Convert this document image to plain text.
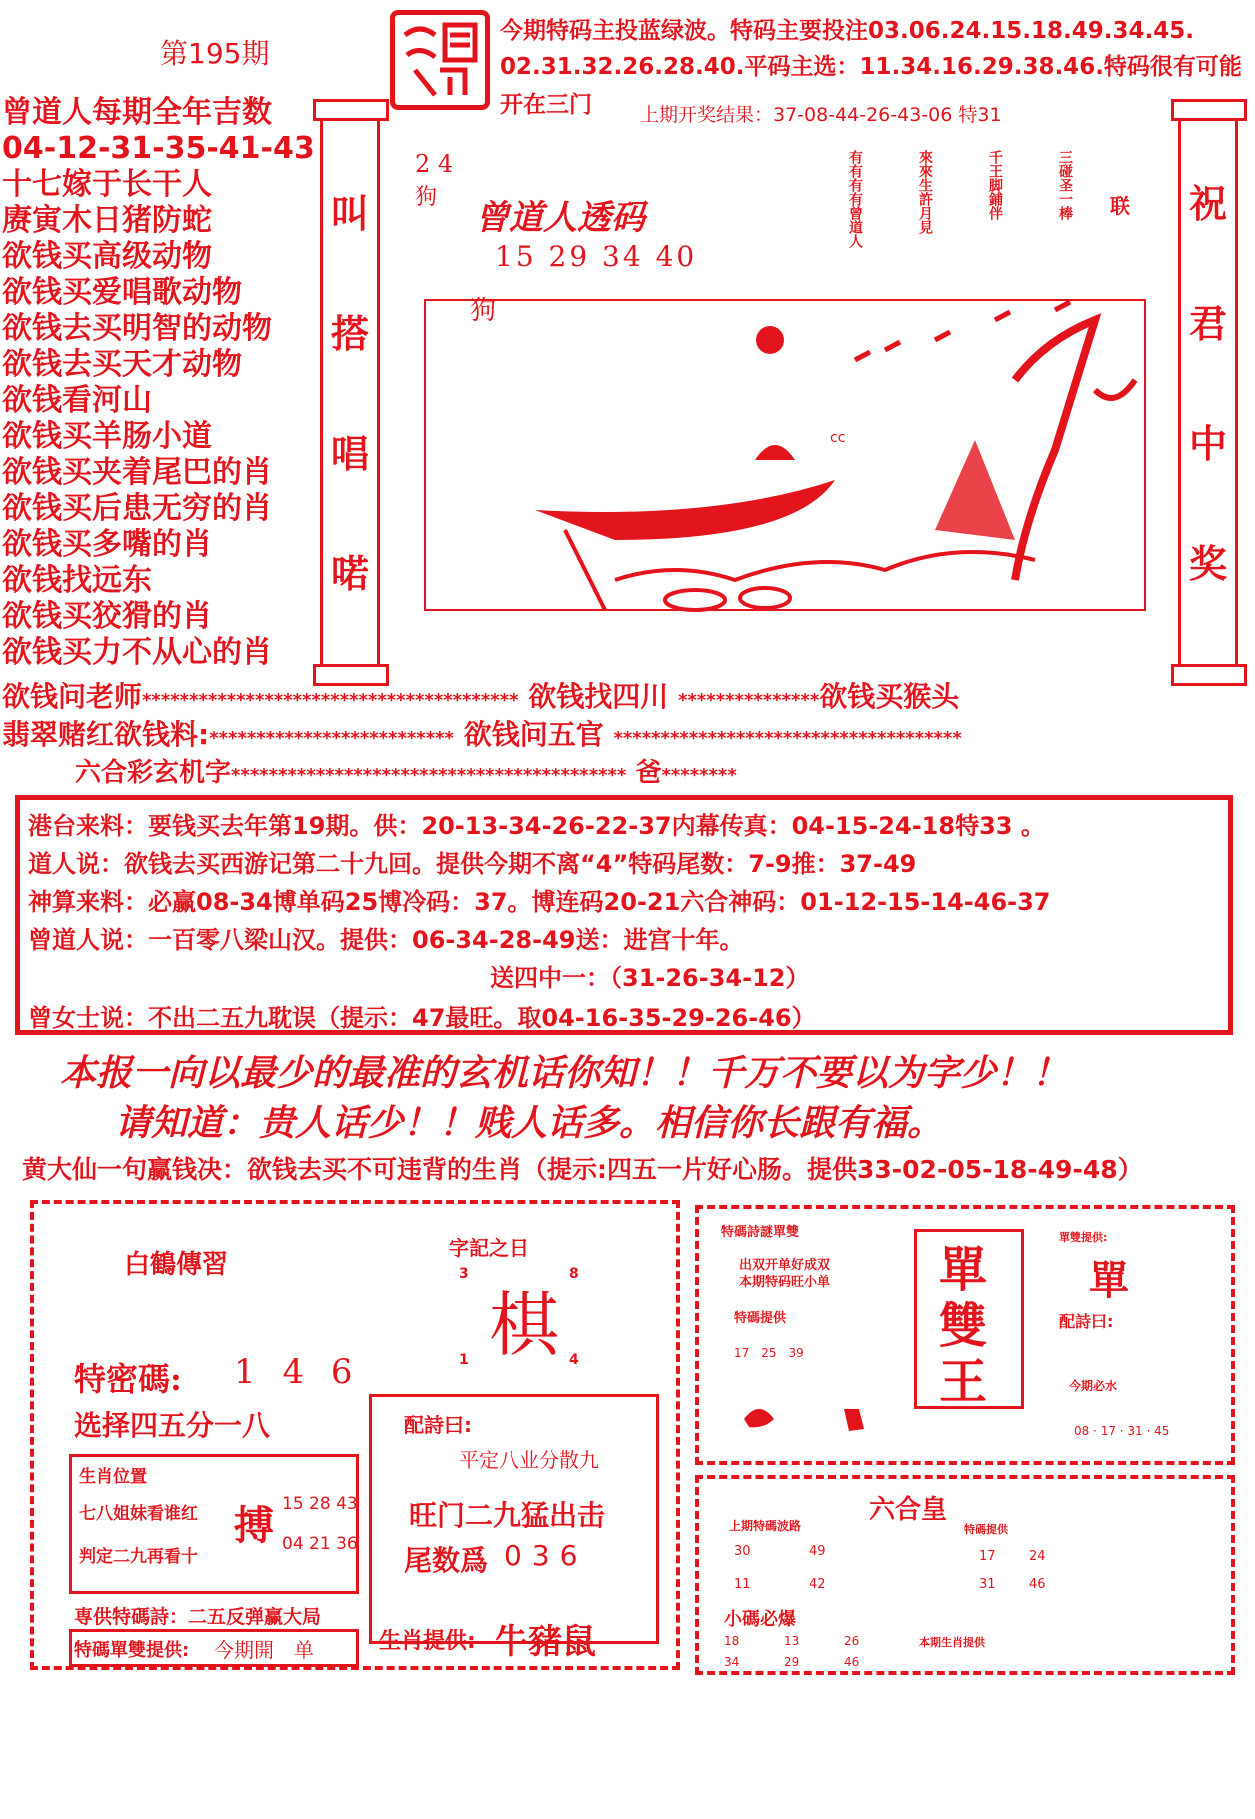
第195期
今期特码主投蓝绿波。特码主要投注03.06.24.15.18.49.34.45.
02.31.32.26.28.40.平码主选：11.34.16.29.38.46.特码很有可能
开在三门	上期开奖结果：37-08-44-26-43-06 特31
曾道人每期全年吉数
04-12-31-35-41-43
十七嫁于长干人
赓寅木日猪防蛇
欲钱买高级动物
欲钱买爱唱歌动物
欲钱去买明智的动物
欲钱去买天才动物
欲钱看河山
欲钱买羊肠小道
欲钱买夹着尾巴的肖
欲钱买后患无穷的肖
欲钱买多嘴的肖
欲钱找远东
欲钱买狡猾的肖
欲钱买力不从心的肖
叫
搭
唱
喏
祝
君
中
奖
2 4
狗
曾道人透码
15 29 34 40
狗
cc
有有有有曾道人	來來生許月見	千王脚鋪伴	三碰圣一棒 联
欲钱问老师**************************************** 欲钱找四川 ***************欲钱买猴头
翡翠赌红欲钱料:************************** 欲钱问五官 *************************************
六合彩玄机字****************************************** 爸********
港台来料：要钱买去年第19期。供：20-13-34-26-22-37内幕传真：04-15-24-18特33 。
道人说：欲钱去买西游记第二十九回。提供今期不离“4”特码尾数：7-9推：37-49
神算来料：必赢08-34博单码25博冷码：37。博连码20-21六合神码：01-12-15-14-46-37
曾道人说：一百零八梁山汉。提供：06-34-28-49送：进宫十年。
送四中一：（31-26-34-12）
曾女士说：不出二五九耽误（提示：47最旺。取04-16-35-29-26-46）
本报一向以最少的最准的玄机话你知！！千万不要以为字少！！
请知道：贵人话少！！贱人话多。相信你长跟有福。
黄大仙一句赢钱决：欲钱去买不可违背的生肖（提示:四五一片好心肠。提供33-02-05-18-49-48）
白鶴傳習
字記之日
3	8
1	4
棋
特密碼: 1 4 6
选择四五分一八	配詩曰:
平定八业分散九
旺门二九猛出击
尾数爲 036
生肖位置
七八姐妹看谁红
判定二九再看十
搏 15 28 43
04 21 36
専供特碼詩：二五反弹赢大局
特碼單雙提供: 今期開　单	生肖提供: 牛豬鼠
特碼詩謎單雙
出双开单好成双
本期特码旺小单
特碼提供
17　25　39
單
雙
王
單雙提供:
單
配詩曰:
今期必水
08 · 17 · 31 · 45
六合皇
上期特碼波路
30	49
11	42
小碼必爆
18	13	26
34	29	46
特碼提供
17	24
31	46
本期生肖提供
